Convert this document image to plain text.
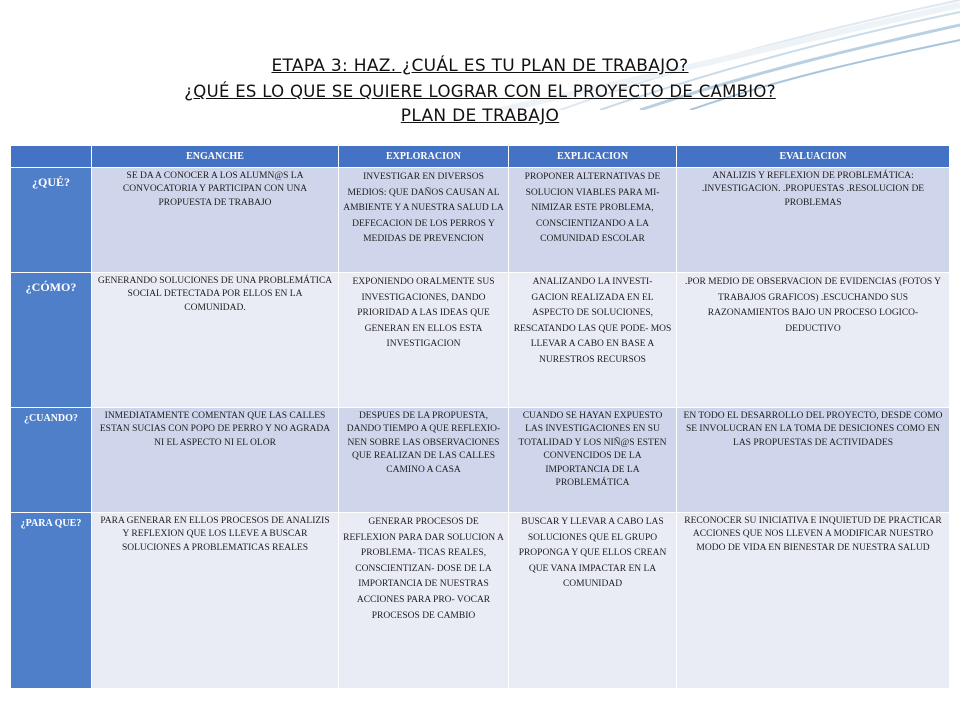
ETAPA 3: HAZ. ¿CUÁL ES TU PLAN DE TRABAJO?
¿QUÉ ES LO QUE SE QUIERE LOGRAR CON EL PROYECTO DE CAMBIO?
PLAN DE TRABAJO
	ENGANCHE	EXPLORACION	EXPLICACION	EVALUACION
¿QUÉ?	SE DA A CONOCER A LOS ALUMN@S LA CONVOCATORIA Y PARTICIPAN CON UNA PROPUESTA DE TRABAJO	INVESTIGAR EN DIVERSOS MEDIOS: QUE DAÑOS CAUSAN AL AMBIENTE Y A NUESTRA SALUD LA DEFECACION DE LOS PERROS Y MEDIDAS DE PREVENCION	PROPONER ALTERNATIVAS DE SOLUCION VIABLES PARA MI- NIMIZAR ESTE PROBLEMA, CONSCIENTIZANDO A LA COMUNIDAD ESCOLAR	ANALIZIS Y REFLEXION DE PROBLEMÁTICA: .INVESTIGACION. .PROPUESTAS .RESOLUCION DE PROBLEMAS
¿CÓMO?	GENERANDO SOLUCIONES DE UNA PROBLEMÁTICA SOCIAL DETECTADA POR ELLOS EN LA COMUNIDAD.	EXPONIENDO ORALMENTE SUS INVESTIGACIONES, DANDO PRIORIDAD A LAS IDEAS QUE GENERAN EN ELLOS ESTA INVESTIGACION	ANALIZANDO LA INVESTI- GACION REALIZADA EN EL ASPECTO DE SOLUCIONES, RESCATANDO LAS QUE PODE- MOS LLEVAR A CABO EN BASE A NURESTROS RECURSOS	.POR MEDIO DE OBSERVACION DE EVIDENCIAS (FOTOS Y TRABAJOS GRAFICOS) .ESCUCHANDO SUS RAZONAMIENTOS BAJO UN PROCESO LOGICO-DEDUCTIVO
¿CUANDO?	INMEDIATAMENTE COMENTAN QUE LAS CALLES ESTAN SUCIAS CON POPO DE PERRO Y NO AGRADA NI EL ASPECTO NI EL OLOR	DESPUES DE LA PROPUESTA, DANDO TIEMPO A QUE REFLEXIO- NEN SOBRE LAS OBSERVACIONES QUE REALIZAN DE LAS CALLES CAMINO A CASA	CUANDO SE HAYAN EXPUESTO LAS INVESTIGACIONES EN SU TOTALIDAD Y LOS NIÑ@S ESTEN CONVENCIDOS DE LA IMPORTANCIA DE LA PROBLEMÁTICA	EN TODO EL DESARROLLO DEL PROYECTO, DESDE COMO SE INVOLUCRAN EN LA TOMA DE DESICIONES COMO EN LAS PROPUESTAS DE ACTIVIDADES
¿PARA QUE?	PARA GENERAR EN ELLOS PROCESOS DE ANALIZIS Y REFLEXION QUE LOS LLEVE A BUSCAR SOLUCIONES A PROBLEMATICAS REALES	GENERAR PROCESOS DE REFLEXION PARA DAR SOLUCION A PROBLEMA- TICAS REALES, CONSCIENTIZAN- DOSE DE LA IMPORTANCIA DE NUESTRAS ACCIONES PARA PRO- VOCAR PROCESOS DE CAMBIO	BUSCAR Y LLEVAR A CABO LAS SOLUCIONES QUE EL GRUPO PROPONGA Y QUE ELLOS CREAN QUE VANA IMPACTAR EN LA COMUNIDAD	RECONOCER SU INICIATIVA E INQUIETUD DE PRACTICAR ACCIONES QUE NOS LLEVEN A MODIFICAR NUESTRO MODO DE VIDA EN BIENESTAR DE NUESTRA SALUD
